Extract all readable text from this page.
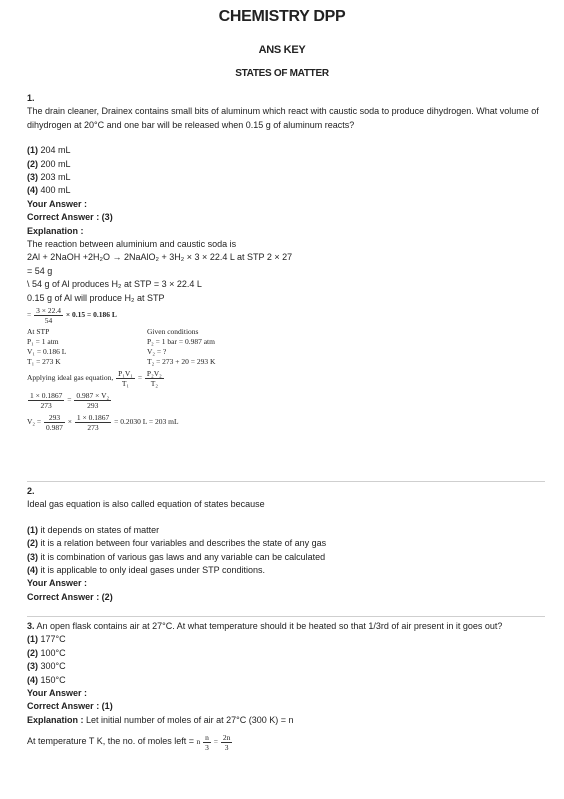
CHEMISTRY DPP
ANS KEY
STATES OF MATTER
1.
The drain cleaner, Drainex contains small bits of aluminum which react with caustic soda to produce dihydrogen. What volume of dihydrogen at 20°C and one bar will be released when 0.15 g of aluminum reacts?
(1) 204 mL
(2) 200 mL
(3) 203 mL
(4) 400 mL
Your Answer :
Correct Answer : (3)
Explanation :
The reaction between aluminium and caustic soda is
2Al + 2NaOH +2H₂O → 2NaAlO₂ + 3H₂ × 3 × 22.4 L at STP 2 × 27
= 54 g
\ 54 g of Al produces H₂ at STP = 3 × 22.4 L
0.15 g of Al will produce H₂ at STP
= $\frac{3 \times 22.4}{54} \times 0.15 = 0.186$ L
At STP
P₁ = 1 atm
V₁ = 0.186 L
T₁ = 273 K
Given conditions
P₂ = 1 bar = 0.987 atm
V₂ = ?
T₂ = 273 + 20 = 293 K
Applying ideal gas equation, $\frac{\text{P₁V₁}}{\text{T₁}} = \frac{\text{P₂V₂}}{\text{T₂}}$
$\frac{1 \times 0.1867}{273} = \frac{\text{0.987 × V₂}}{293}$
$V_2 = \frac{293}{0.987} \times \frac{1 \times 0.1867}{273} = 0.2030$ L = 203 mL
2.
Ideal gas equation is also called equation of states because
(1) it depends on states of matter
(2) it is a relation between four variables and describes the state of any gas
(3) it is combination of various gas laws and any variable can be calculated
(4) it is applicable to only ideal gases under STP conditions.
Your Answer :
Correct Answer : (2)
3. An open flask contains air at 27°C. At what temperature should it be heated so that 1/3rd of air present in it goes out?
(1) 177°C
(2) 100°C
(3) 300°C
(4) 150°C
Your Answer :
Correct Answer : (1)
Explanation : Let initial number of moles of air at 27°C (300 K) = n
At temperature T K, the no. of moles left = n $\frac{n}{3} = \frac{2n}{3}$
